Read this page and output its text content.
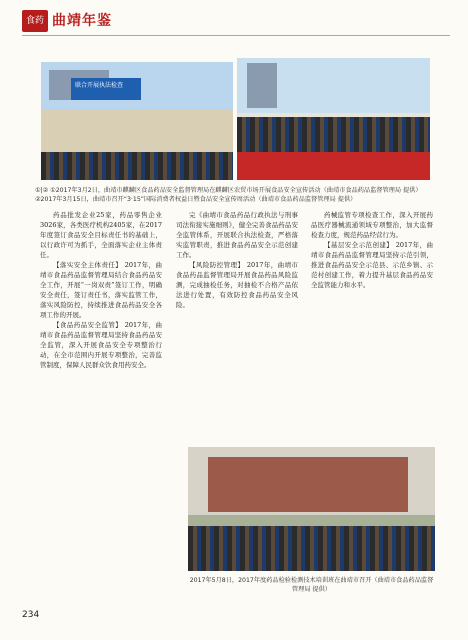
食药 曲靖年鉴
联合开展执法检查
①|② ①2017年3月2日，曲靖市麒麟区食品药品安全监督管理局在麒麟区农贸市场开展食品安全宣传活动（曲靖市食品药品监督管理局 提供） ②2017年3月15日，曲靖市召开“3·15”国际消费者权益日暨食品安全宣传周活动（曲靖市食品药品监督管理局 提供）

药品批发企业25家，药品零售企业3026家，各类医疗机构2405家，在2017年度签订食品安全目标责任书的基础上，以行政许可为抓手，全面落实企业主体责任。

【落实安全主体责任】 2017年，曲靖市食品药品监督管理局结合食品药品安全工作，开展“一岗双责”签订工作，明确安全责任，签订责任书，落实监管工作，落实风险防控，持续推进食品药品安全各项工作的开展。

【食品药品安全监管】 2017年，曲靖市食品药品监督管理局坚持食品药品安全监管，深入开展食品安全专项整治行动，在全市范围内开展专项整治，完善监管制度，保障人民群众饮食用药安全。

完《曲靖市食品药品行政执法与刑事司法衔接实施细则》，健全完善食品药品安全监管体系，开展联合执法检查，严格落实监管职责，推进食品药品安全示范创建工作。

【风险防控管理】 2017年，曲靖市食品药品监督管理局开展食品药品风险监测，完成抽检任务，对抽检不合格产品依法进行处置，有效防控食品药品安全风险。

药械监管专项检查工作，深入开展药品医疗器械流通领域专项整治，加大监督检查力度，规范药品经营行为。

【基层安全示范创建】 2017年，曲靖市食品药品监督管理局坚持示范引领，推进食品药品安全示范县、示范乡镇、示范村创建工作，着力提升基层食品药品安全监管能力和水平。

2017年5月8日，2017年度药品检验检测技术培训班在曲靖市召开（曲靖市食品药品监督管理局 提供）
234
